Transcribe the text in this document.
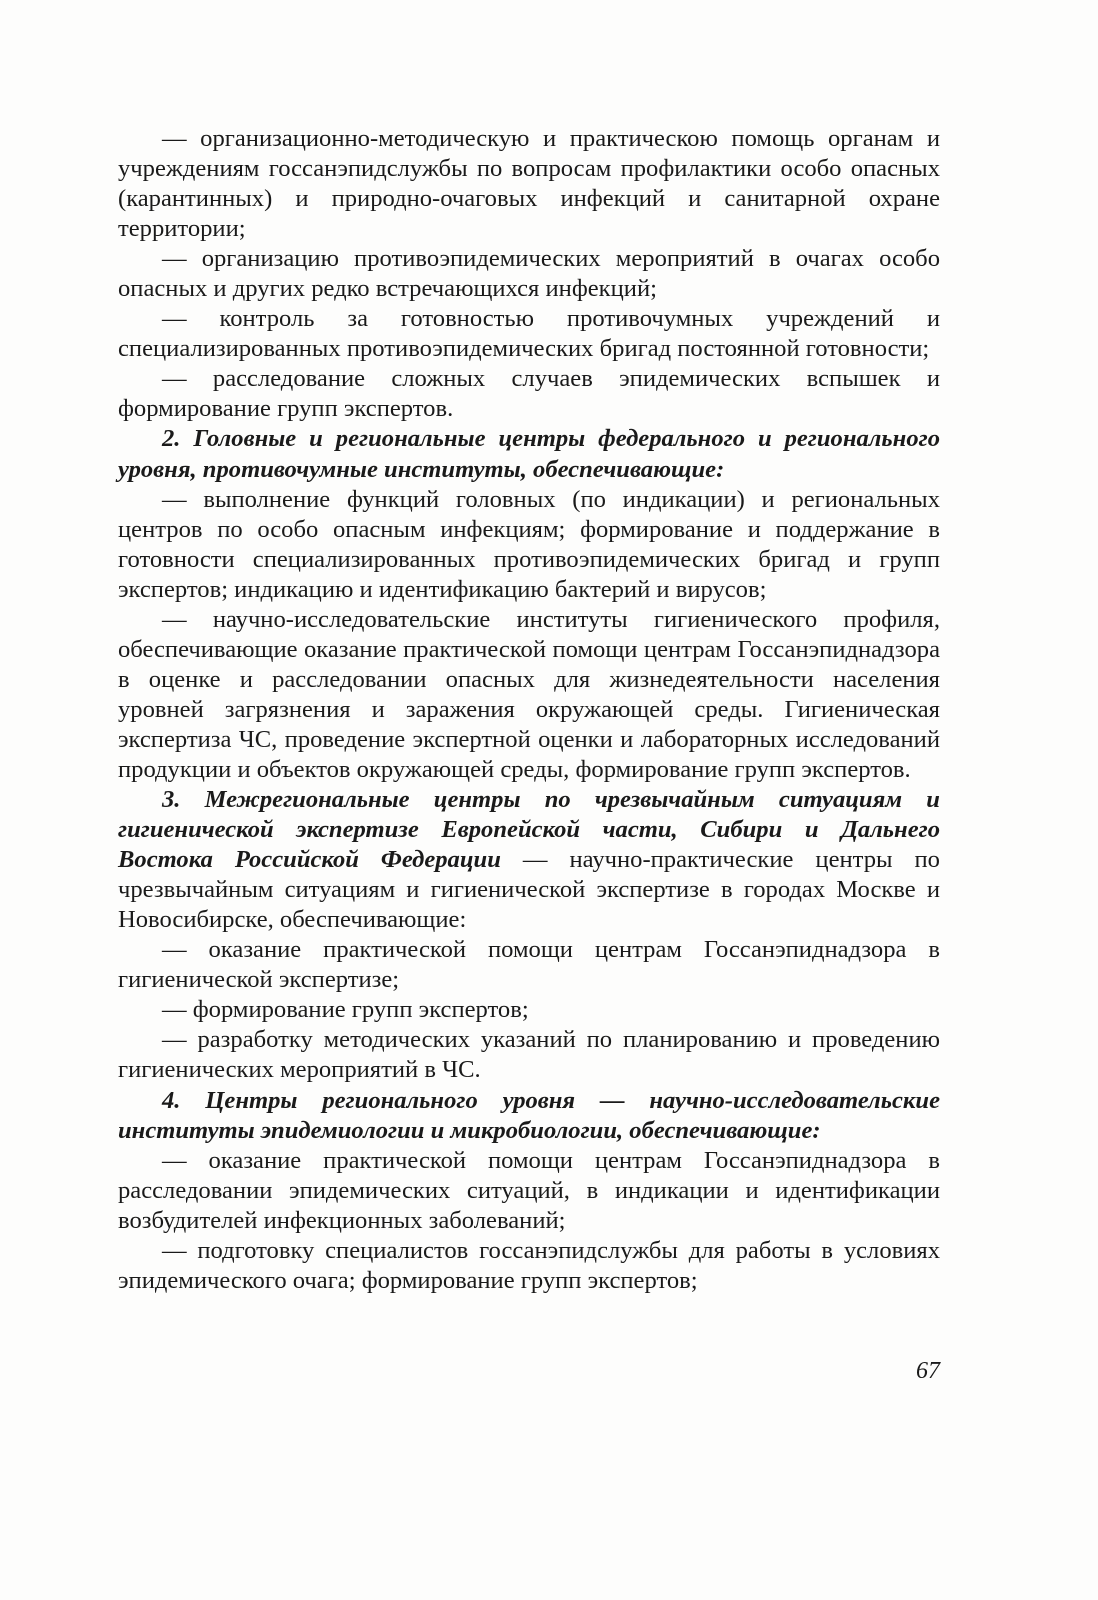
— организационно-методическую и практическою помощь органам и учреждениям госсанэпидслужбы по вопросам профилактики особо опасных (карантинных) и природно-очаговых инфекций и санитарной охране территории;

— организацию противоэпидемических мероприятий в очагах особо опасных и других редко встречающихся инфекций;

— контроль за готовностью противочумных учреждений и специализированных противоэпидемических бригад постоянной готовности;

— расследование сложных случаев эпидемических вспышек и формирование групп экспертов.

2. Головные и региональные центры федерального и регионального уровня, противочумные институты, обеспечивающие:

— выполнение функций головных (по индикации) и региональных центров по особо опасным инфекциям; формирование и поддержание в готовности специализированных противоэпидемических бригад и групп экспертов; индикацию и идентификацию бактерий и вирусов;

— научно-исследовательские институты гигиенического профиля, обеспечивающие оказание практической помощи центрам Госсанэпиднадзора в оценке и расследовании опасных для жизнедеятельности населения уровней загрязнения и заражения окружающей среды. Гигиеническая экспертиза ЧС, проведение экспертной оценки и лабораторных исследований продукции и объектов окружающей среды, формирование групп экспертов.

3. Межрегиональные центры по чрезвычайным ситуациям и гигиенической экспертизе Европейской части, Сибири и Дальнего Востока Российской Федерации — научно-практические центры по чрезвычайным ситуациям и гигиенической экспертизе в городах Москве и Новосибирске, обеспечивающие:

— оказание практической помощи центрам Госсанэпиднадзора в гигиенической экспертизе;

— формирование групп экспертов;

— разработку методических указаний по планированию и проведению гигиенических мероприятий в ЧС.

4. Центры регионального уровня — научно-исследовательские институты эпидемиологии и микробиологии, обеспечивающие:

— оказание практической помощи центрам Госсанэпиднадзора в расследовании эпидемических ситуаций, в индикации и идентификации возбудителей инфекционных заболеваний;

— подготовку специалистов госсанэпидслужбы для работы в условиях эпидемического очага; формирование групп экспертов;

67
